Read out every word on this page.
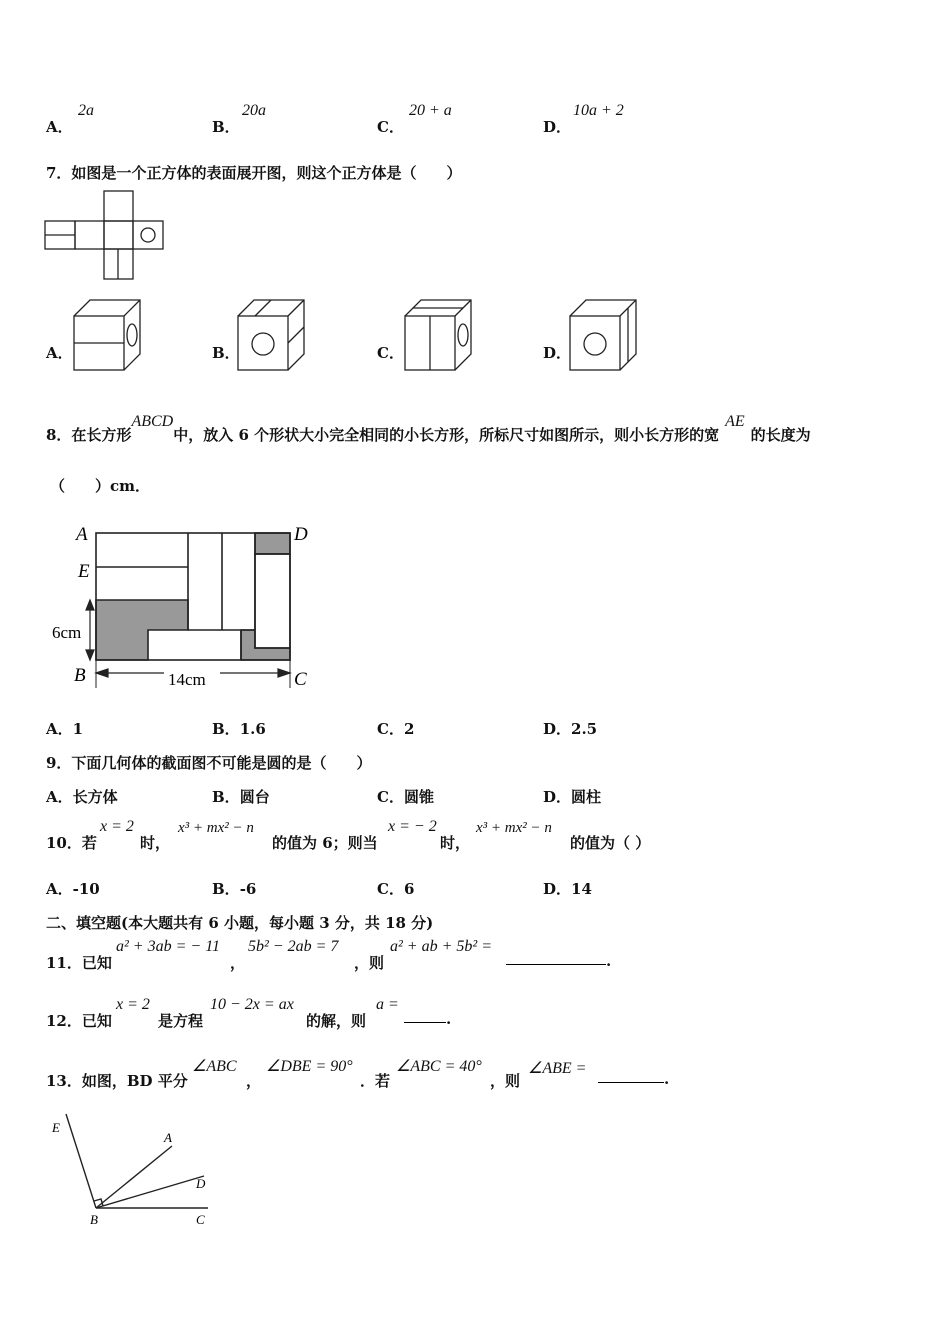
A．
2a
B．
20a
C．
20 + a
D．
10a + 2
7．如图是一个正方体的表面展开图，则这个正方体是（　　）
A．	B．	C．	D．
8．在长方形ABCD中，放入 6 个形状大小完全相同的小长方形，所标尺寸如图所示，则小长方形的宽AE的长度为
（　　）cm．
A	D
E
6cm
B	C
14cm
A．1	B．1.6	C．2	D．2.5
9．下面几何体的截面图不可能是圆的是（　　）
A．长方体	B．圆台	C．圆锥	D．圆柱
10．若
x = 2
时，
x³ + mx² − n
的值为 6；则当
x = − 2
时，
x³ + mx² − n
的值为（ ）
A．-10	B．-6	C．6	D．14
二、填空题(本大题共有 6 小题，每小题 3 分，共 18 分)
11．已知
a² + 3ab = − 11
，
5b² − 2ab = 7
，则
a² + ab + 5b² =
.
12．已知
x = 2
是方程
10 − 2x = ax
的解，则
a =
.
13．如图，BD 平分
∠ABC
，
∠DBE = 90°
．若
∠ABC = 40°
，则
∠ABE =
.
E
A
D
B	C
